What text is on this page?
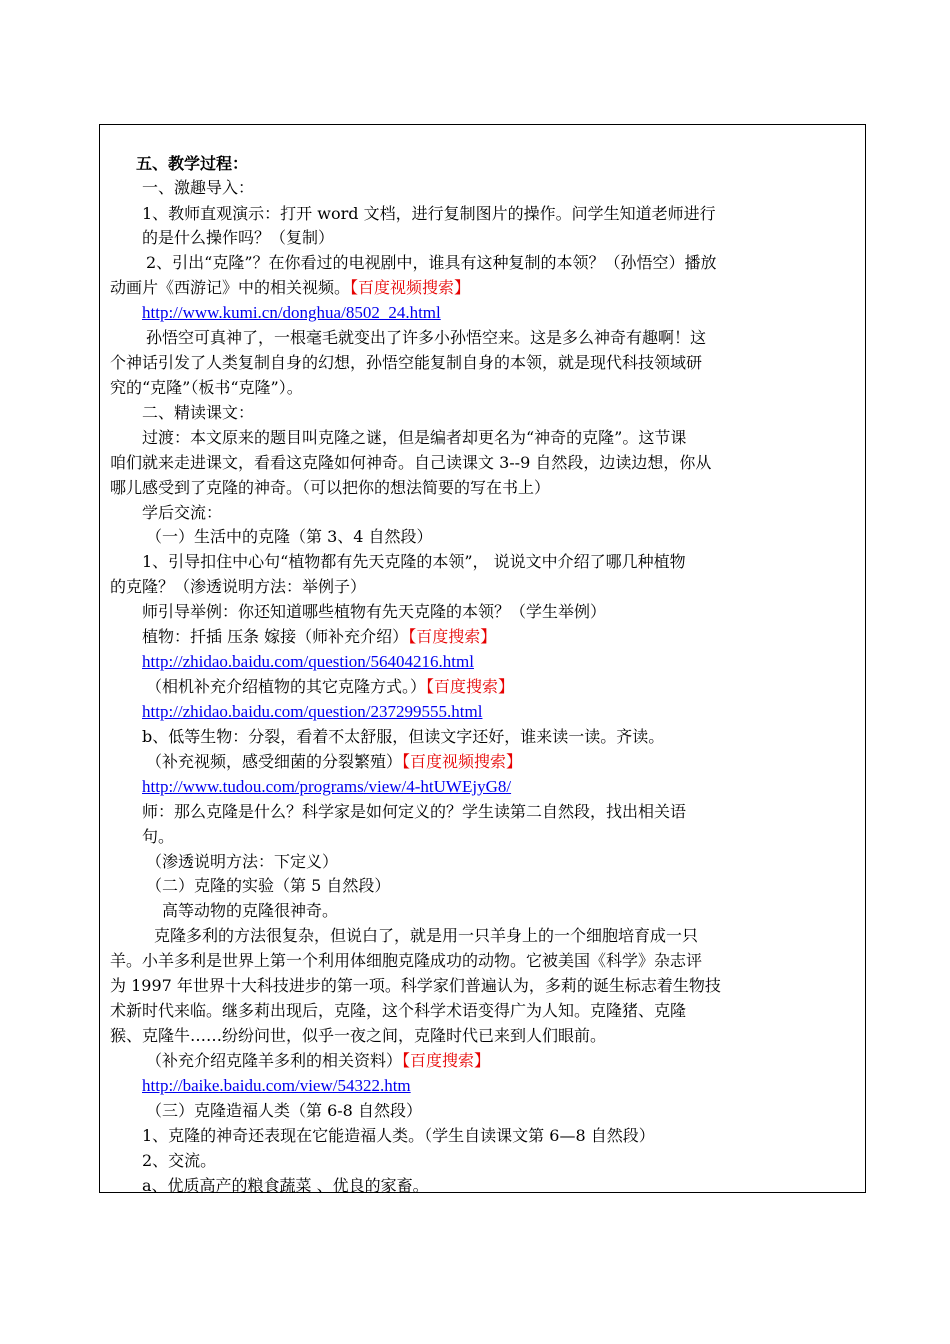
五、教学过程：
一、激趣导入：
1、教师直观演示：打开 word 文档，进行复制图片的操作。问学生知道老师进行
的是什么操作吗？（复制）
2、引出“克隆”？在你看过的电视剧中，谁具有这种复制的本领？（孙悟空）播放
动画片《西游记》中的相关视频。【百度视频搜索】
http://www.kumi.cn/donghua/8502_24.html
孙悟空可真神了，一根毫毛就变出了许多小孙悟空来。这是多么神奇有趣啊！这
个神话引发了人类复制自身的幻想，孙悟空能复制自身的本领，就是现代科技领域研
究的“克隆”（板书“克隆”）。
二、精读课文：
过渡：本文原来的题目叫克隆之谜，但是编者却更名为“神奇的克隆”。这节课
咱们就来走进课文，看看这克隆如何神奇。自己读课文 3--9 自然段，边读边想，你从
哪儿感受到了克隆的神奇。（可以把你的想法简要的写在书上）
学后交流：
（一）生活中的克隆（第 3、4 自然段）
1、引导扣住中心句“植物都有先天克隆的本领”， 说说文中介绍了哪几种植物
的克隆？（渗透说明方法：举例子）
师引导举例：你还知道哪些植物有先天克隆的本领？（学生举例）
植物：扦插 压条 嫁接（师补充介绍）【百度搜索】
http://zhidao.baidu.com/question/56404216.html
（相机补充介绍植物的其它克隆方式。）【百度搜索】
http://zhidao.baidu.com/question/237299555.html
b、低等生物：分裂，看着不太舒服，但读文字还好，谁来读一读。齐读。
（补充视频，感受细菌的分裂繁殖）【百度视频搜索】
http://www.tudou.com/programs/view/4-htUWEjyG8/
师：那么克隆是什么？科学家是如何定义的？学生读第二自然段，找出相关语
句。
（渗透说明方法：下定义）
（二）克隆的实验（第 5 自然段）
高等动物的克隆很神奇。
克隆多利的方法很复杂，但说白了，就是用一只羊身上的一个细胞培育成一只
羊。小羊多利是世界上第一个利用体细胞克隆成功的动物。它被美国《科学》杂志评
为 1997 年世界十大科技进步的第一项。科学家们普遍认为，多莉的诞生标志着生物技
术新时代来临。继多莉出现后，克隆，这个科学术语变得广为人知。克隆猪、克隆
猴、克隆牛……纷纷问世，似乎一夜之间，克隆时代已来到人们眼前。
（补充介绍克隆羊多利的相关资料）【百度搜索】
http://baike.baidu.com/view/54322.htm
（三）克隆造福人类（第 6-8 自然段）
1、克隆的神奇还表现在它能造福人类。（学生自读课文第 6—8 自然段）
2、交流。
a、优质高产的粮食蔬菜 、优良的家畜。
